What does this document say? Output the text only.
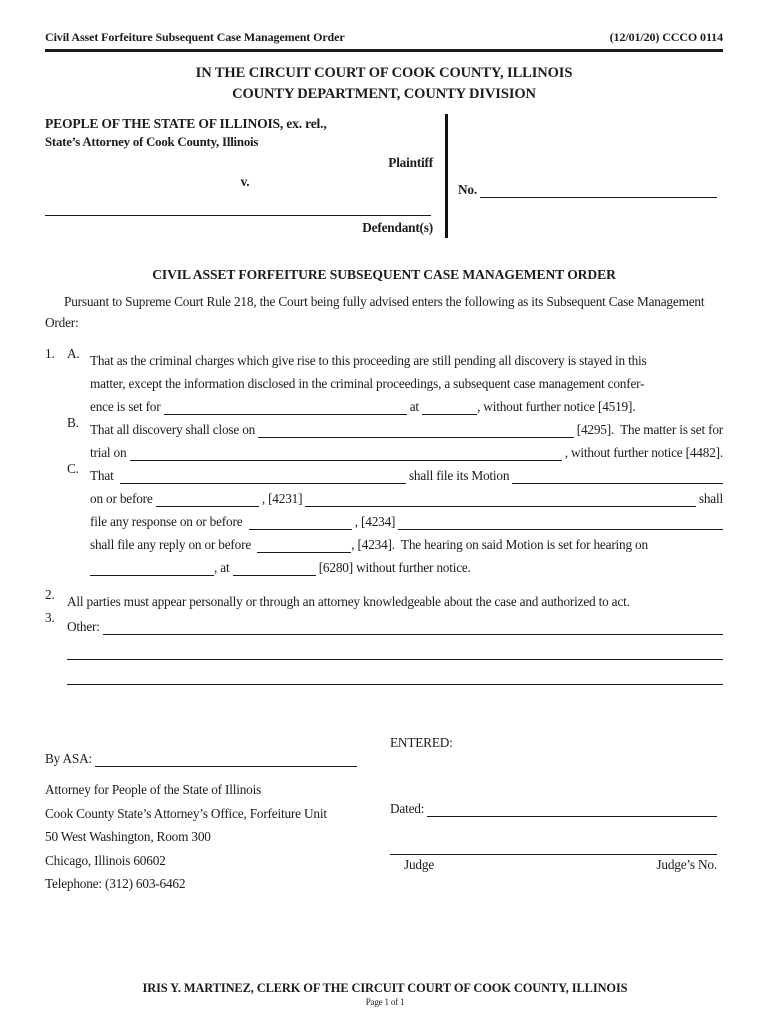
Civil Asset Forfeiture Subsequent Case Management Order	(12/01/20) CCCO 0114
IN THE CIRCUIT COURT OF COOK COUNTY, ILLINOIS
COUNTY DEPARTMENT, COUNTY DIVISION
PEOPLE OF THE STATE OF ILLINOIS, ex. rel.,
State’s Attorney of Cook County, Illinois
Plaintiff
v.
Defendant(s)
No.
CIVIL ASSET FORFEITURE SUBSEQUENT CASE MANAGEMENT ORDER
Pursuant to Supreme Court Rule 218, the Court being fully advised enters the following as its Subsequent Case Management Order:
1. A. That as the criminal charges which give rise to this proceeding are still pending all discovery is stayed in this
matter, except the information disclosed in the criminal proceedings, a subsequent case management confer-
ence is set for	at	, without further notice [4519].
B. That all discovery shall close on	[4295].  The matter is set for
trial on	, without further notice [4482].
C. That	shall file its Motion
on or before	, [4231]	shall
file any response on or before	, [4234]
shall file any reply on or before	, [4234].  The hearing on said Motion is set for hearing on
, at	[6280] without further notice.
2. All parties must appear personally or through an attorney knowledgeable about the case and authorized to act.
3.
Other:
By ASA:
Attorney for People of the State of Illinois
Cook County State’s Attorney’s Office, Forfeiture Unit
50 West Washington, Room 300
Chicago, Illinois 60602
Telephone: (312) 603-6462
ENTERED:
Dated:
Judge	Judge’s No.
IRIS Y. MARTINEZ, CLERK OF THE CIRCUIT COURT OF COOK COUNTY, ILLINOIS
Page 1 of 1
